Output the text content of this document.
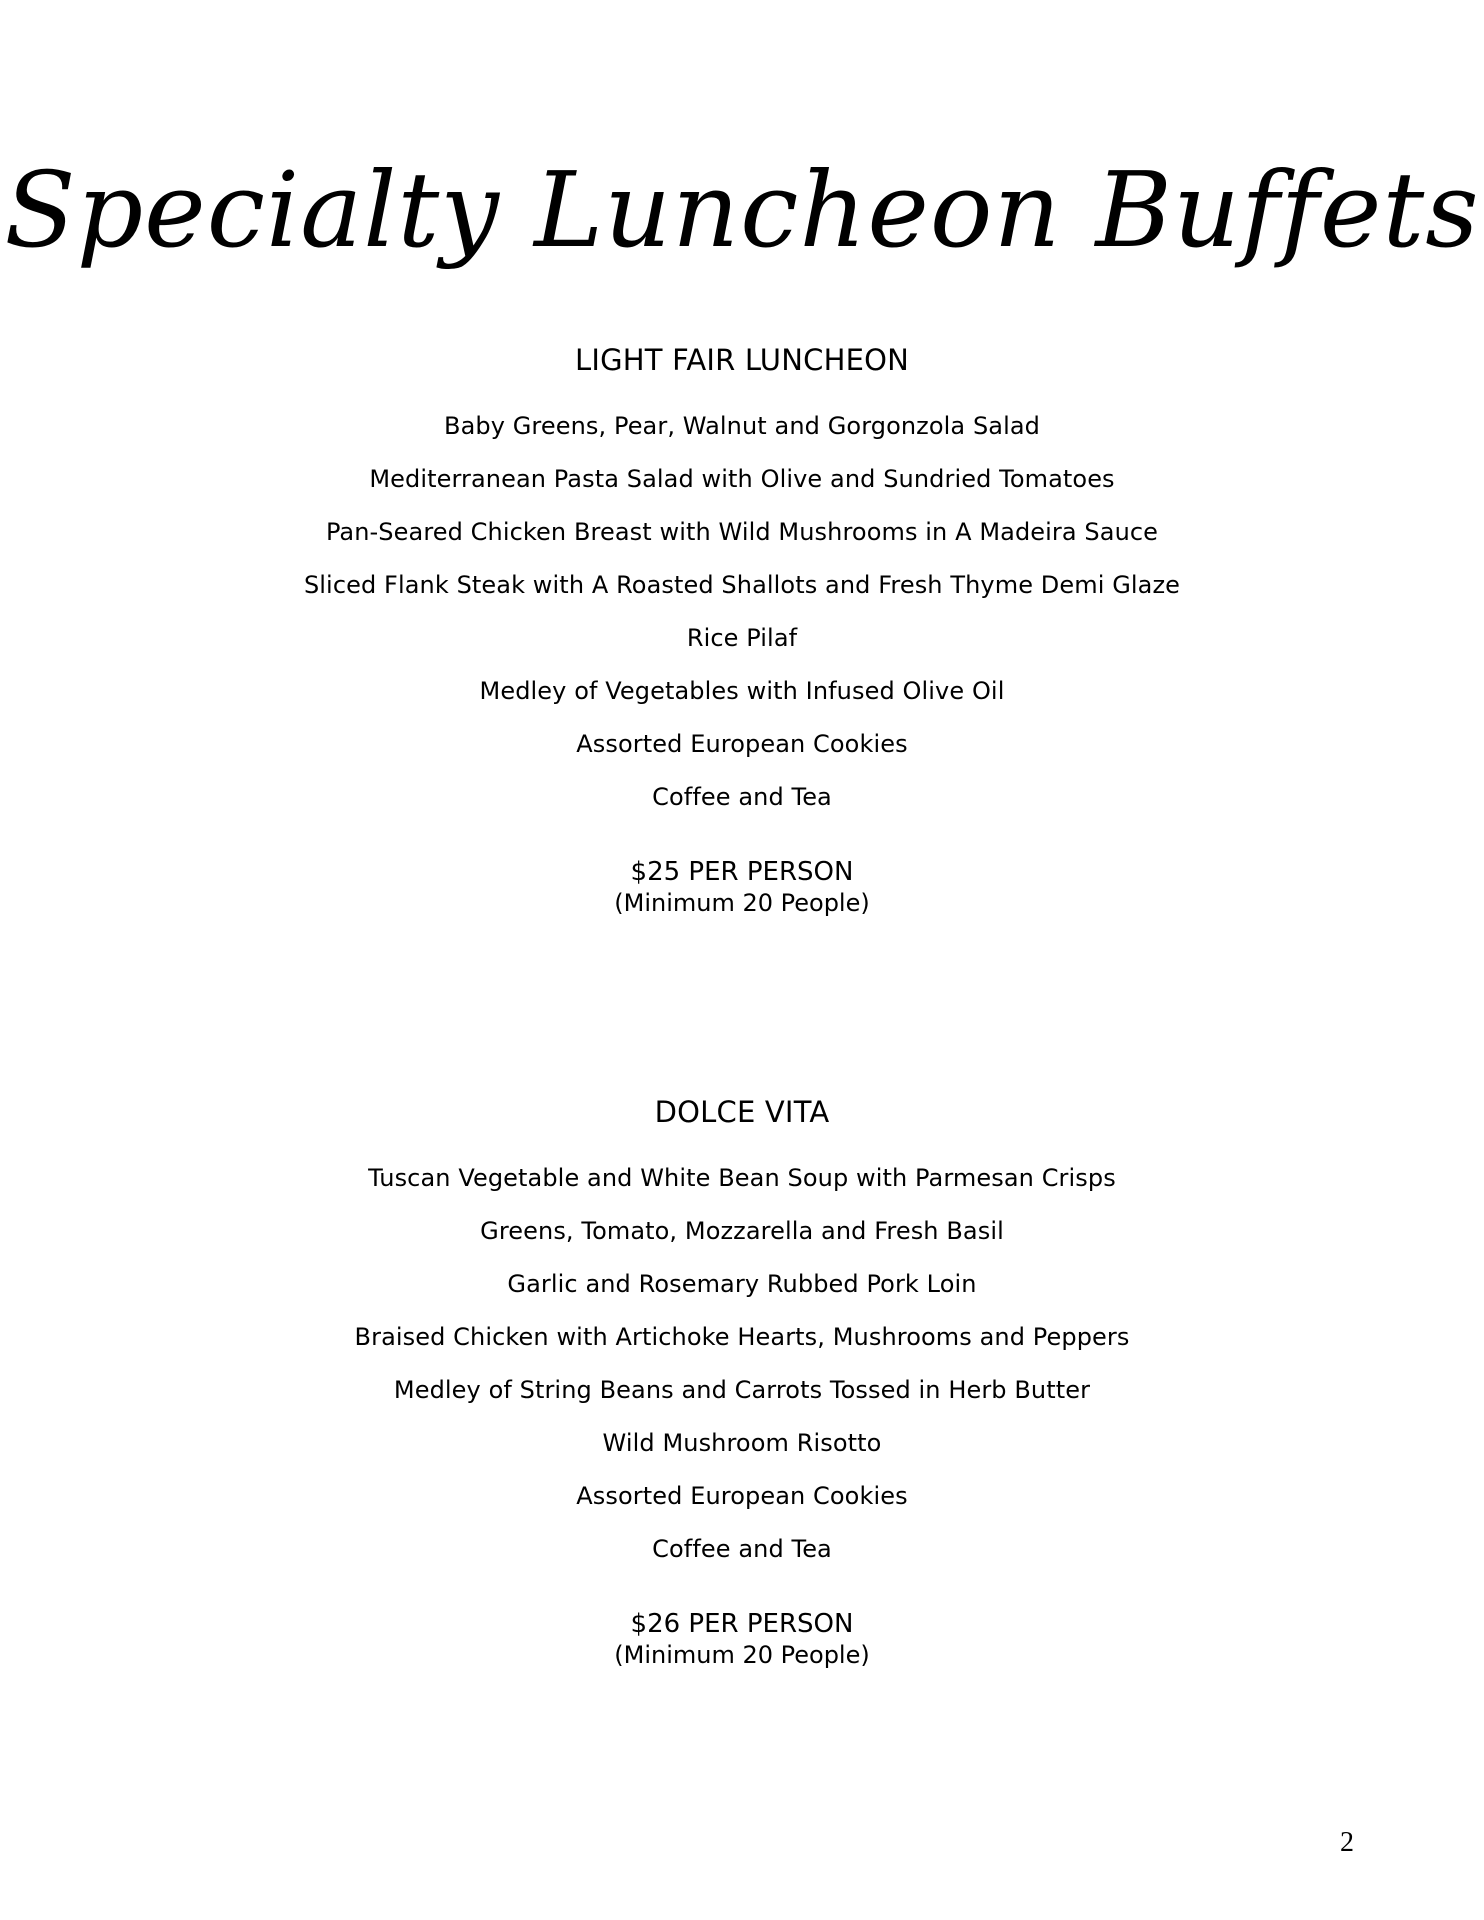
Specialty Luncheon Buffets
LIGHT FAIR LUNCHEON
Baby Greens, Pear, Walnut and Gorgonzola Salad
Mediterranean Pasta Salad with Olive and Sundried Tomatoes
Pan-Seared Chicken Breast with Wild Mushrooms in A Madeira Sauce
Sliced Flank Steak with A Roasted Shallots and Fresh Thyme Demi Glaze
Rice Pilaf
Medley of Vegetables with Infused Olive Oil
Assorted European Cookies
Coffee and Tea
$25 PER PERSON
(Minimum 20 People)
DOLCE VITA
Tuscan Vegetable and White Bean Soup with Parmesan Crisps
Greens, Tomato, Mozzarella and Fresh Basil
Garlic and Rosemary Rubbed Pork Loin
Braised Chicken with Artichoke Hearts, Mushrooms and Peppers
Medley of String Beans and Carrots Tossed in Herb Butter
Wild Mushroom Risotto
Assorted European Cookies
Coffee and Tea
$26 PER PERSON
(Minimum 20 People)
2
